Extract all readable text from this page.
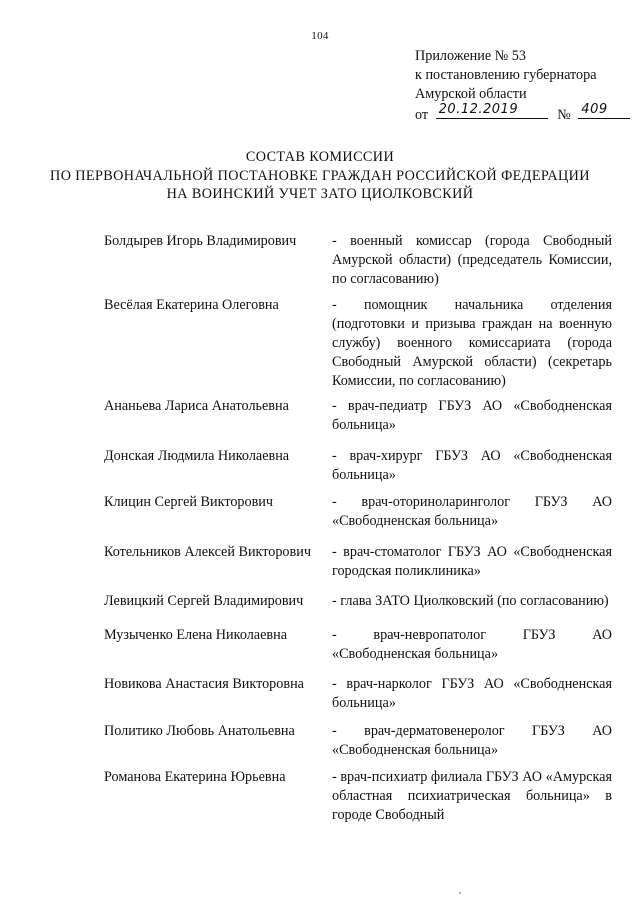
104
Приложение № 53
к постановлению губернатора
Амурской области
от 20.12.2019	№ 409
СОСТАВ КОМИССИИ
ПО ПЕРВОНАЧАЛЬНОЙ ПОСТАНОВКЕ ГРАЖДАН РОССИЙСКОЙ ФЕДЕРАЦИИ
НА ВОИНСКИЙ УЧЕТ ЗАТО ЦИОЛКОВСКИЙ
Болдырев Игорь Владимирович	- военный комиссар (города Свободный Амурской области) (председатель Комиссии, по согласованию)
Весёлая Екатерина Олеговна	- помощник начальника отделения (подготовки и призыва граждан на военную службу) военного комиссариата (города Свободный Амурской области) (секретарь Комиссии, по согласованию)
Ананьева Лариса Анатольевна	- врач-педиатр ГБУЗ АО «Свободненская больница»
Донская Людмила Николаевна	- врач-хирург ГБУЗ АО «Свободненская больница»
Клицин Сергей Викторович	- врач-оториноларинголог ГБУЗ АО «Свободненская больница»
Котельников Алексей Викторович - врач-стоматолог ГБУЗ АО «Свободненская городская поликлиника»
Левицкий Сергей Владимирович - глава ЗАТО Циолковский (по согласованию)
Музыченко Елена Николаевна	- врач-невропатолог ГБУЗ АО «Свободненская больница»
Новикова Анастасия Викторовна - врач-нарколог ГБУЗ АО «Свободненская больница»
Политико Любовь Анатольевна	- врач-дерматовенеролог ГБУЗ АО «Свободненская больница»
Романова Екатерина Юрьевна	- врач-психиатр филиала ГБУЗ АО «Амурская областная психиатрическая больница» в городе Свободный
